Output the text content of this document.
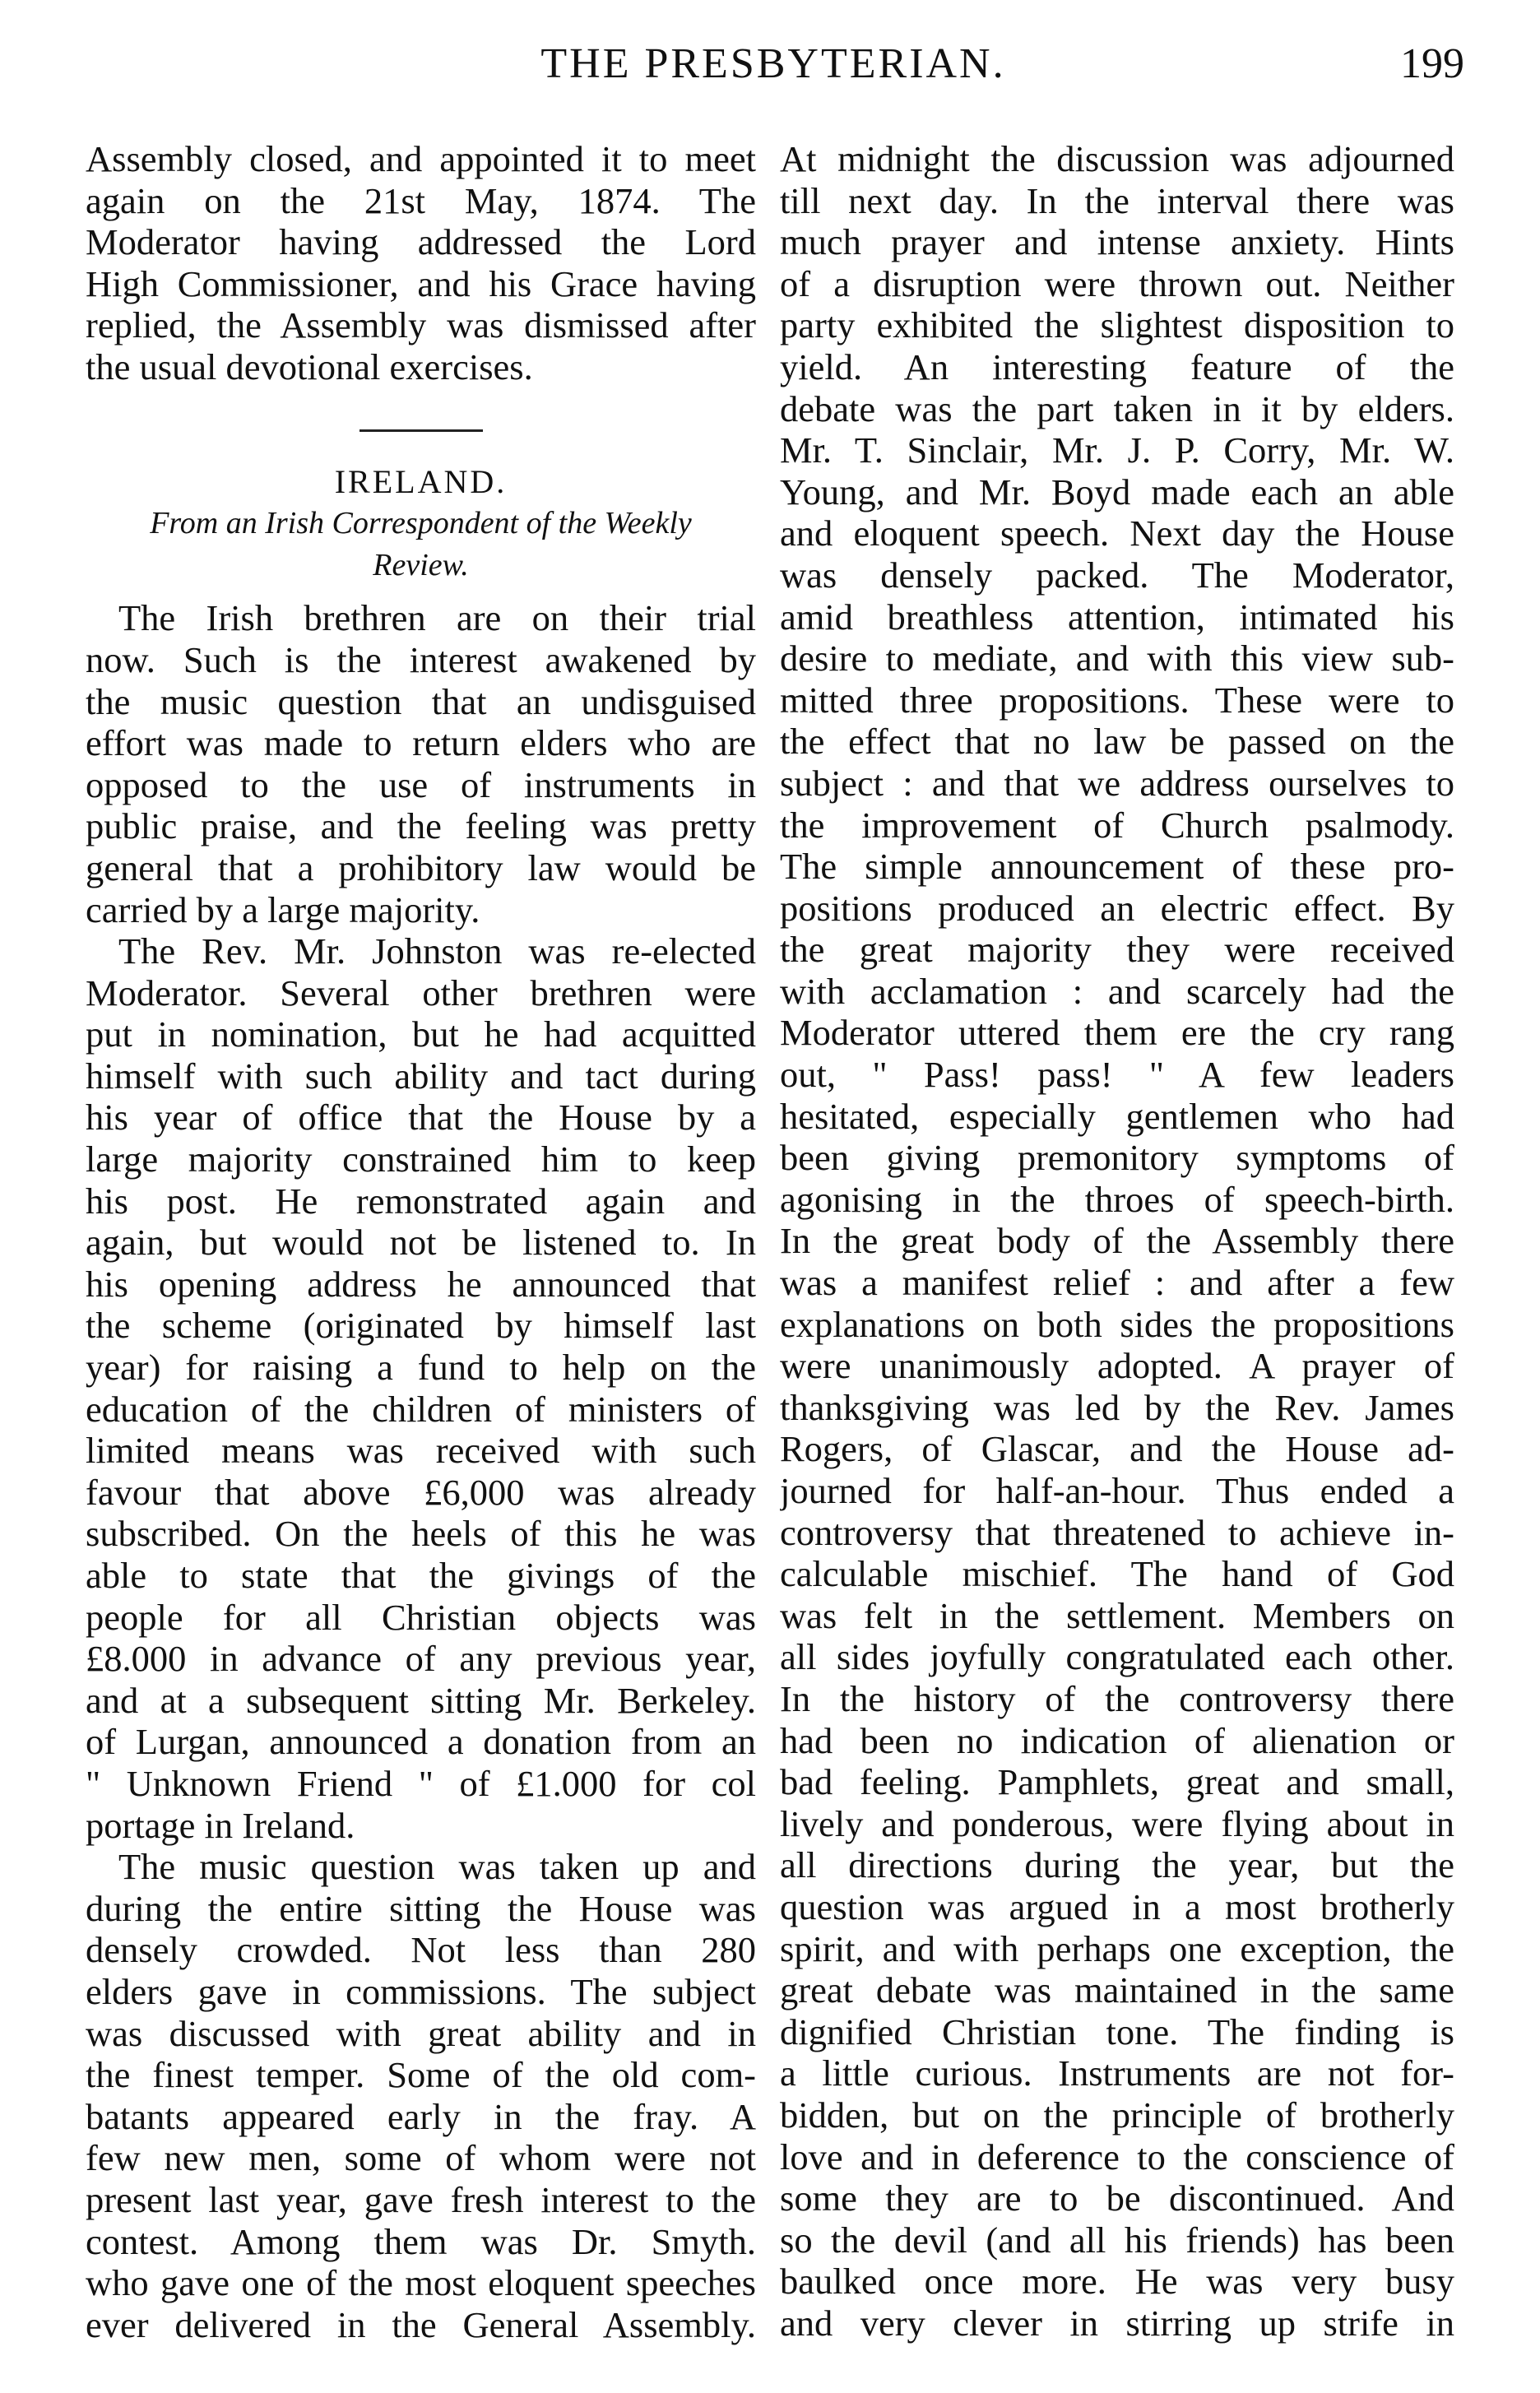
THE PRESBYTERIAN.	199
Assembly closed, and appointed it to meet
again on the 21st May, 1874. The
Moderator having addressed the Lord
High Commissioner, and his Grace having
replied, the Assembly was dismissed after
the usual devotional exercises.
IRELAND.
From an Irish Correspondent of the Weekly
Review.
The Irish brethren are on their trial
now. Such is the interest awakened by
the music question that an undisguised
effort was made to return elders who are
opposed to the use of instruments in
public praise, and the feeling was pretty
general that a prohibitory law would be
carried by a large majority.
The Rev. Mr. Johnston was re-elected
Moderator. Several other brethren were
put in nomination, but he had acquitted
himself with such ability and tact during
his year of office that the House by a
large majority constrained him to keep
his post. He remonstrated again and
again, but would not be listened to. In
his opening address he announced that
the scheme (originated by himself last
year) for raising a fund to help on the
education of the children of ministers of
limited means was received with such
favour that above £6,000 was already
subscribed. On the heels of this he was
able to state that the givings of the
people for all Christian objects was
£8.000 in advance of any previous year,
and at a subsequent sitting Mr. Berkeley.
of Lurgan, announced a donation from an
" Unknown Friend " of £1.000 for col
portage in Ireland.
The music question was taken up and
during the entire sitting the House was
densely crowded. Not less than 280
elders gave in commissions. The subject
was discussed with great ability and in
the finest temper. Some of the old com-
batants appeared early in the fray. A
few new men, some of whom were not
present last year, gave fresh interest to the
contest. Among them was Dr. Smyth.
who gave one of the most eloquent speeches
ever delivered in the General Assembly.
At midnight the discussion was adjourned
till next day. In the interval there was
much prayer and intense anxiety. Hints
of a disruption were thrown out. Neither
party exhibited the slightest disposition to
yield. An interesting feature of the
debate was the part taken in it by elders.
Mr. T. Sinclair, Mr. J. P. Corry, Mr. W.
Young, and Mr. Boyd made each an able
and eloquent speech. Next day the House
was densely packed. The Moderator,
amid breathless attention, intimated his
desire to mediate, and with this view sub-
mitted three propositions. These were to
the effect that no law be passed on the
subject : and that we address ourselves to
the improvement of Church psalmody.
The simple announcement of these pro-
positions produced an electric effect. By
the great majority they were received
with acclamation : and scarcely had the
Moderator uttered them ere the cry rang
out, " Pass! pass! " A few leaders
hesitated, especially gentlemen who had
been giving premonitory symptoms of
agonising in the throes of speech-birth.
In the great body of the Assembly there
was a manifest relief : and after a few
explanations on both sides the propositions
were unanimously adopted. A prayer of
thanksgiving was led by the Rev. James
Rogers, of Glascar, and the House ad-
journed for half-an-hour. Thus ended a
controversy that threatened to achieve in-
calculable mischief. The hand of God
was felt in the settlement. Members on
all sides joyfully congratulated each other.
In the history of the controversy there
had been no indication of alienation or
bad feeling. Pamphlets, great and small,
lively and ponderous, were flying about in
all directions during the year, but the
question was argued in a most brotherly
spirit, and with perhaps one exception, the
great debate was maintained in the same
dignified Christian tone. The finding is
a little curious. Instruments are not for-
bidden, but on the principle of brotherly
love and in deference to the conscience of
some they are to be discontinued. And
so the devil (and all his friends) has been
baulked once more. He was very busy
and very clever in stirring up strife in
